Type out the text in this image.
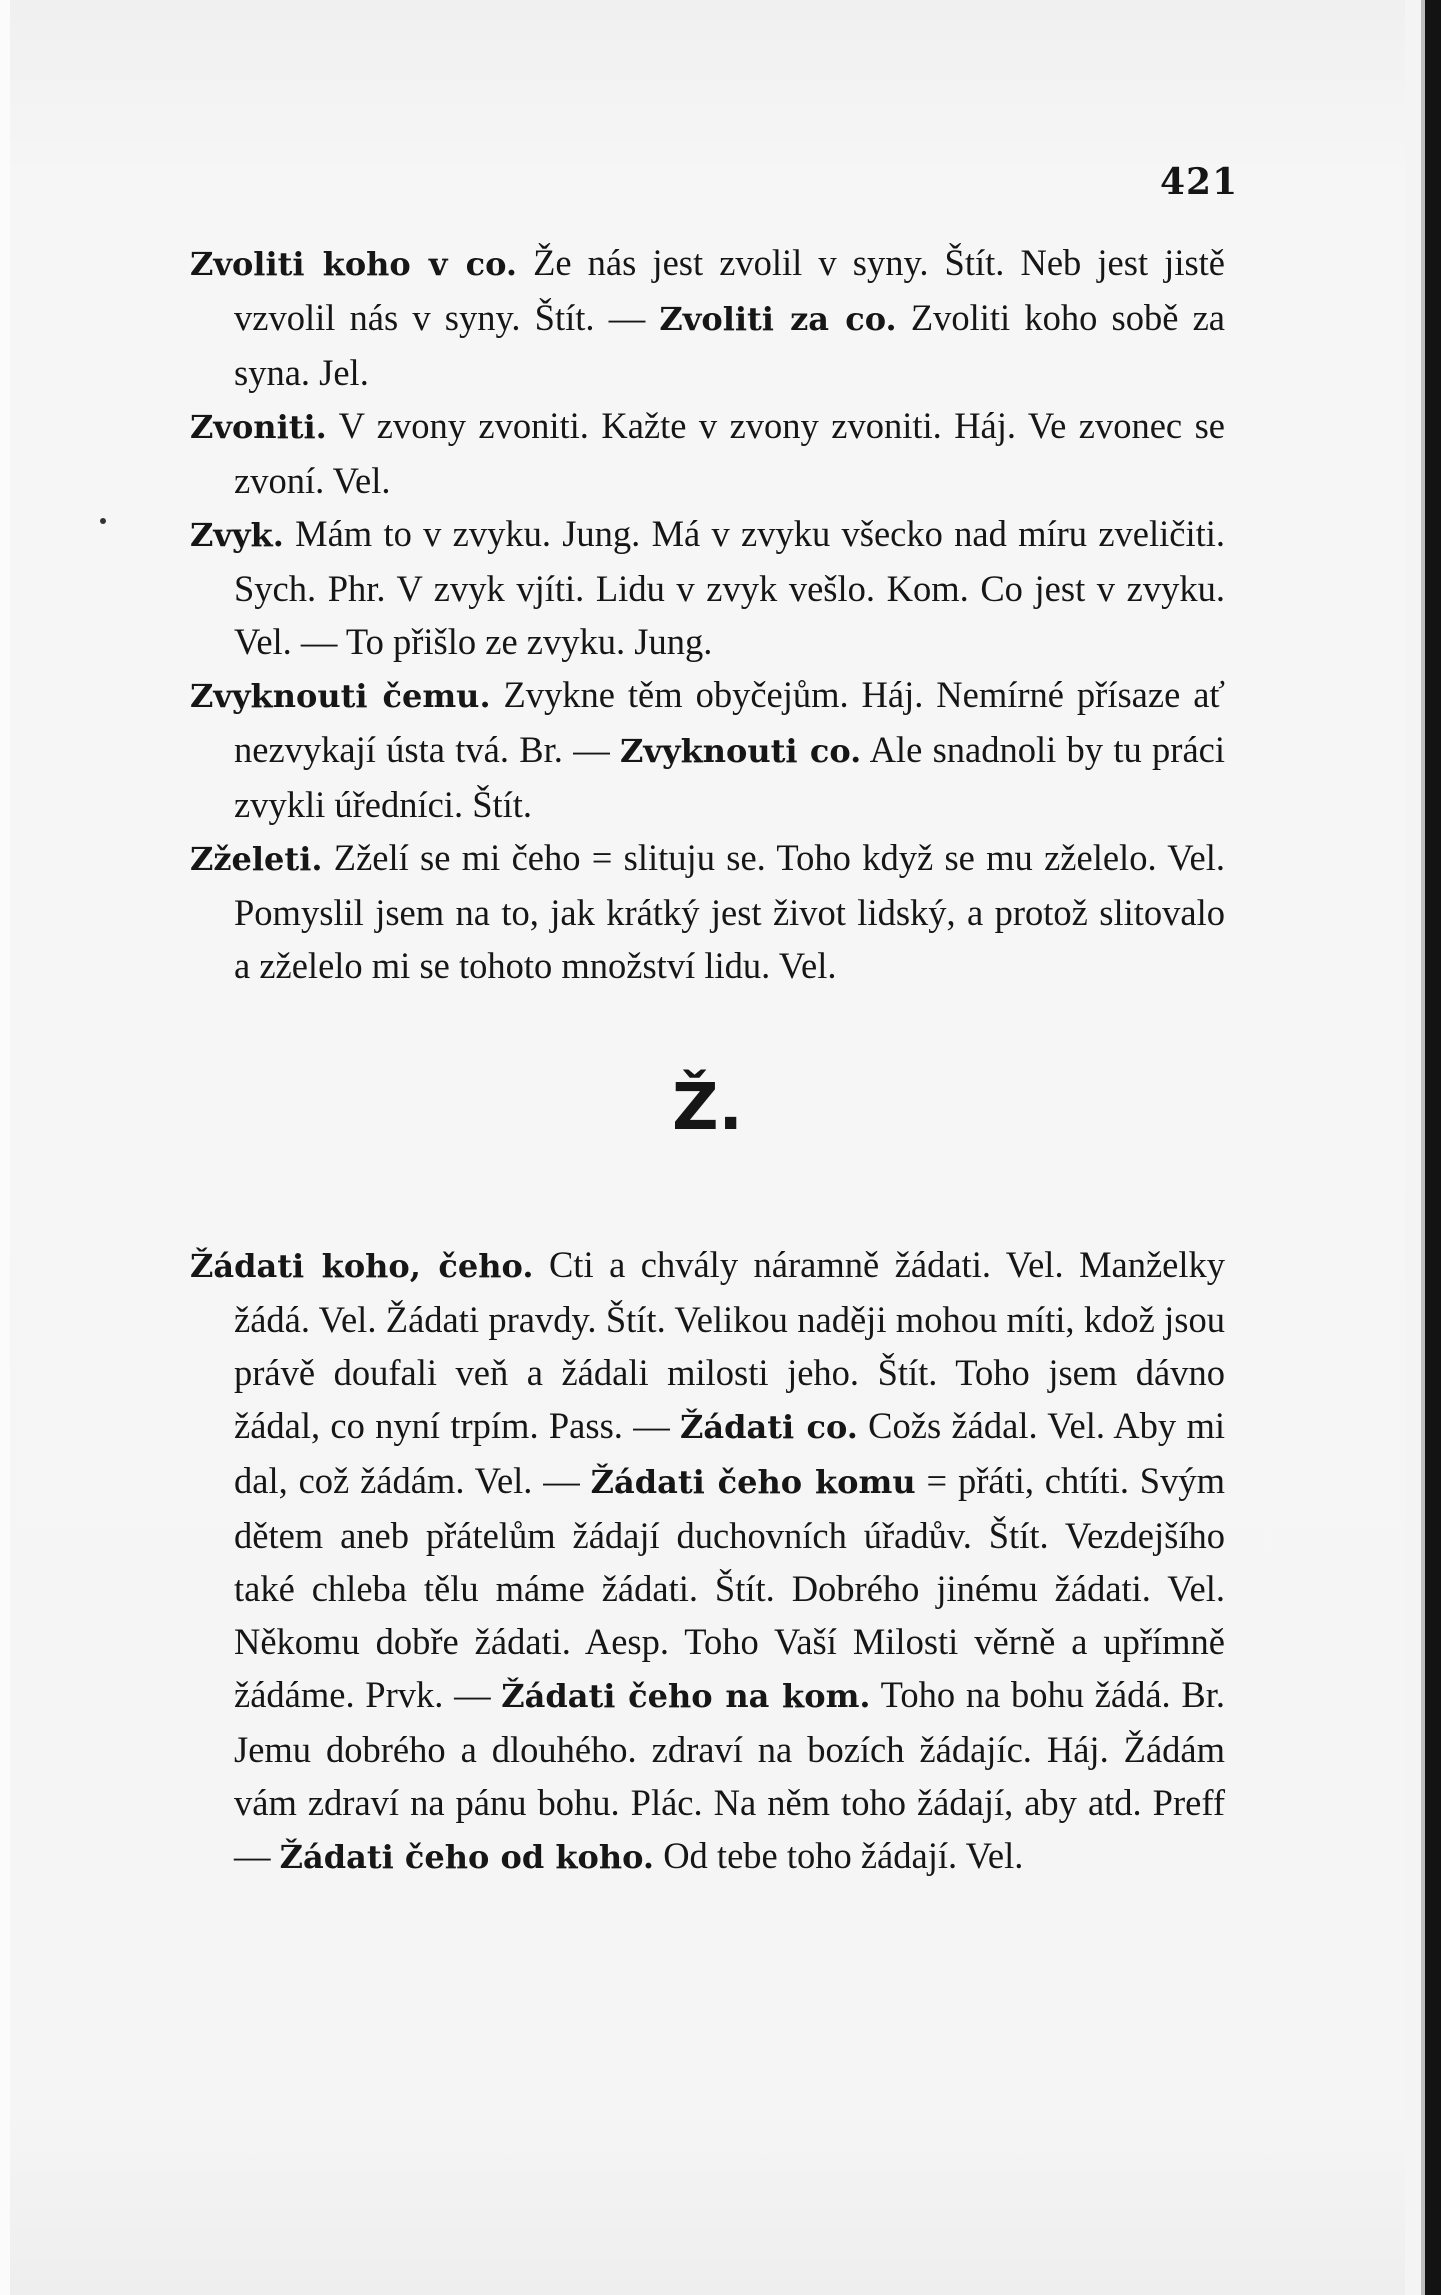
421

Zvoliti koho v co. Že nás jest zvolil v syny. Štít. Neb jest jistě vzvolil nás v syny. Štít. — Zvoliti za co. Zvoliti koho sobě za syna. Jel.

Zvoniti. V zvony zvoniti. Kažte v zvony zvoniti. Háj. Ve zvonec se zvoní. Vel.

Zvyk. Mám to v zvyku. Jung. Má v zvyku všecko nad míru zveličiti. Sych. Phr. V zvyk vjíti. Lidu v zvyk vešlo. Kom. Co jest v zvyku. Vel. — To přišlo ze zvyku. Jung.

Zvyknouti čemu. Zvykne těm obyčejům. Háj. Nemírné přísaze ať nezvykají ústa tvá. Br. — Zvyknouti co. Ale snadnoli by tu práci zvykli úředníci. Štít.

Zželeti. Zželí se mi čeho = slituju se. Toho když se mu zželelo. Vel. Pomyslil jsem na to, jak krátký jest život lidský, a protož slitovalo a zželelo mi se tohoto množství lidu. Vel.

Ž.

Žádati koho, čeho. Cti a chvály náramně žádati. Vel. Manželky žádá. Vel. Žádati pravdy. Štít. Velikou naději mohou míti, kdož jsou právě doufali veň a žádali milosti jeho. Štít. Toho jsem dávno žádal, co nyní trpím. Pass. — Žádati co. Cožs žádal. Vel. Aby mi dal, což žádám. Vel. — Žádati čeho komu = přáti, chtíti. Svým dětem aneb přátelům žádají duchovních úřadův. Štít. Vezdejšího také chleba tělu máme žádati. Štít. Dobrého jinému žádati. Vel. Někomu dobře žádati. Aesp. Toho Vaší Milosti věrně a upřímně žádáme. Prvk. — Žádati čeho na kom. Toho na bohu žádá. Br. Jemu dobrého a dlouhého. zdraví na bozích žádajíc. Háj. Žádám vám zdraví na pánu bohu. Plác. Na něm toho žádají, aby atd. Preff — Žádati čeho od koho. Od tebe toho žádají. Vel.
